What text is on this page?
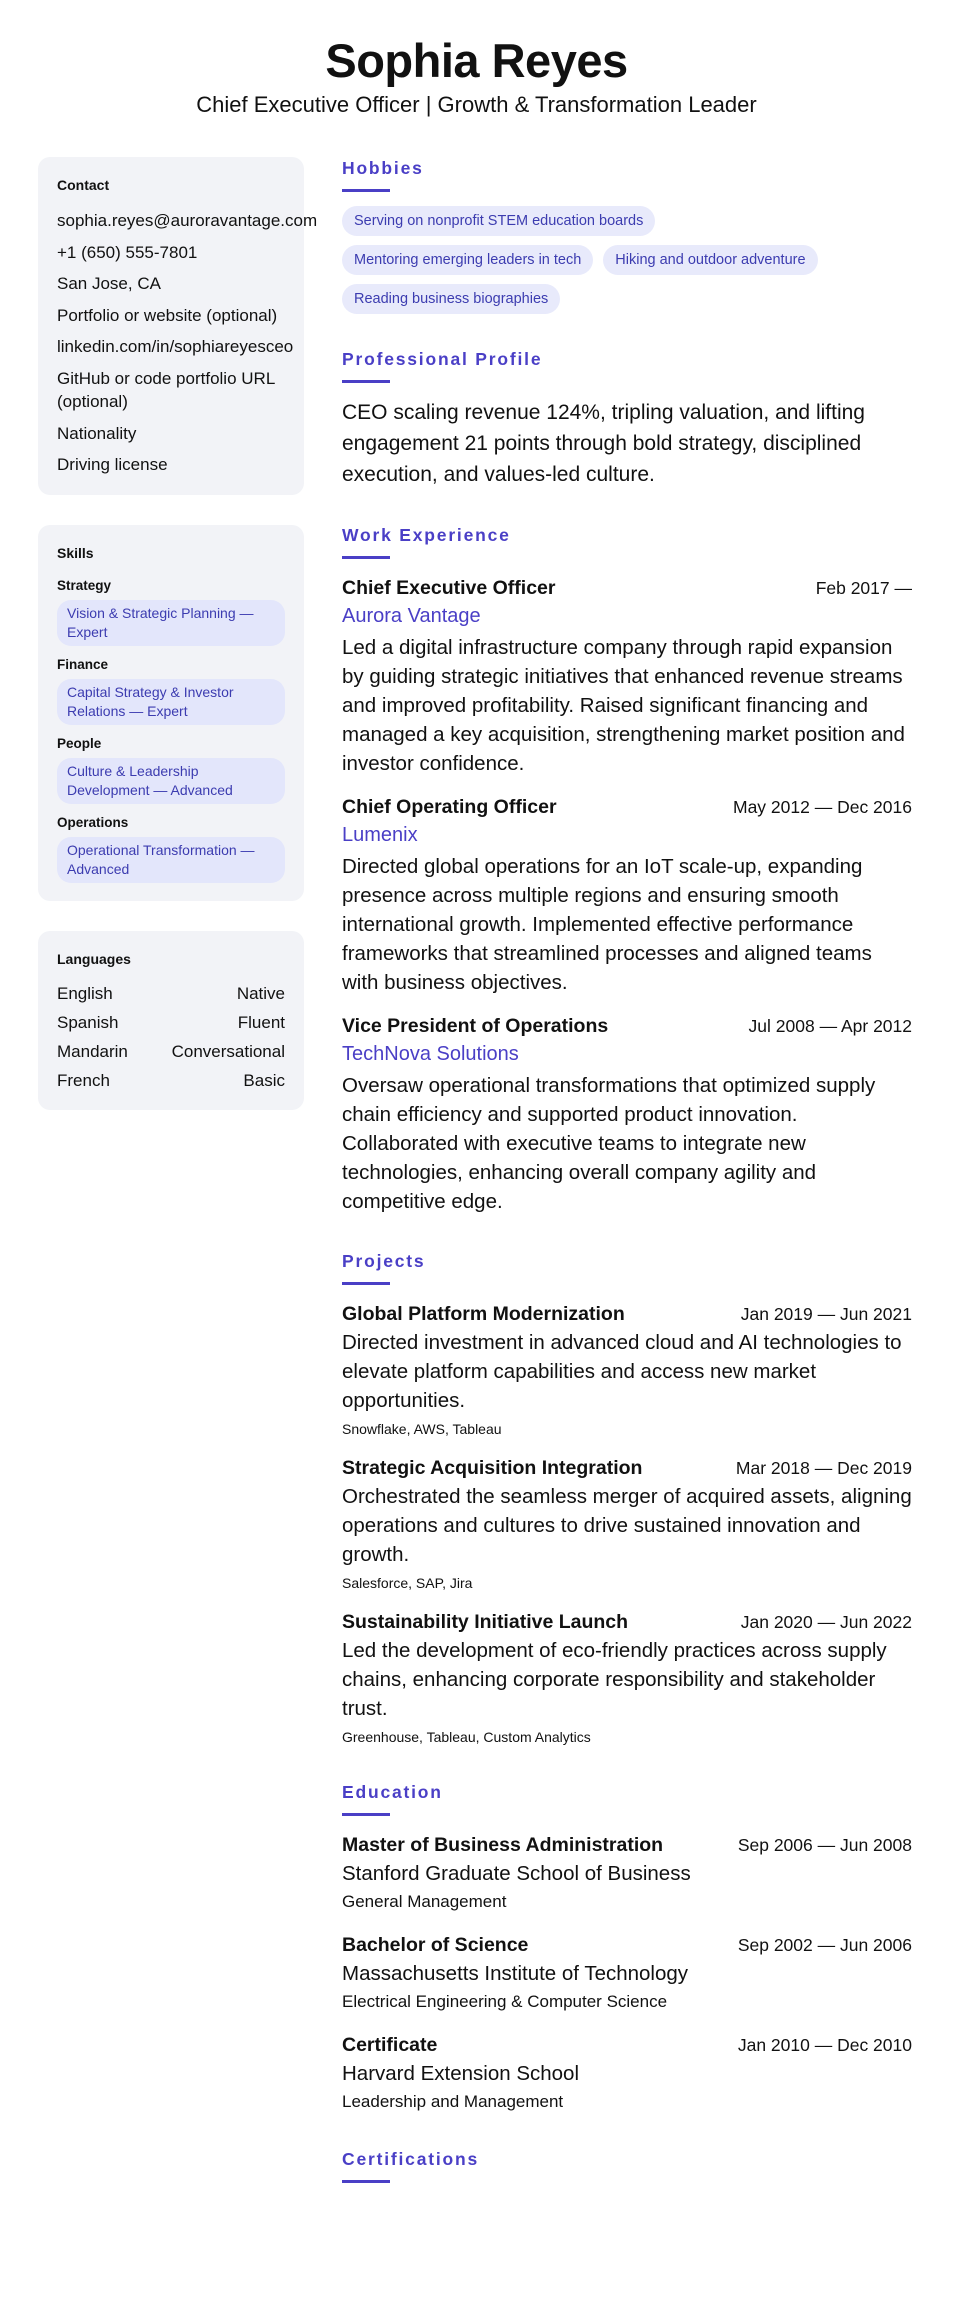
Sophia Reyes
Chief Executive Officer | Growth & Transformation Leader
Contact
sophia.reyes@auroravantage.com
+1 (650) 555-7801
San Jose, CA
Portfolio or website (optional)
linkedin.com/in/sophiareyesceo
GitHub or code portfolio URL (optional)
Nationality
Driving license
Skills
Strategy
Vision & Strategic Planning — Expert
Finance
Capital Strategy & Investor Relations — Expert
People
Culture & Leadership Development — Advanced
Operations
Operational Transformation — Advanced
Languages
English	Native
Spanish	Fluent
Mandarin	Conversational
French	Basic
Hobbies
Serving on nonprofit STEM education boards
Mentoring emerging leaders in tech	Hiking and outdoor adventure
Reading business biographies
Professional Profile

CEO scaling revenue 124%, tripling valuation, and lifting engagement 21 points through bold strategy, disciplined execution, and values-led culture.

Work Experience
Chief Executive Officer	Feb 2017 —
Aurora Vantage

Led a digital infrastructure company through rapid expansion by guiding strategic initiatives that enhanced revenue streams and improved profitability. Raised significant financing and managed a key acquisition, strengthening market position and investor confidence.

Chief Operating Officer	May 2012 — Dec 2016
Lumenix

Directed global operations for an IoT scale-up, expanding presence across multiple regions and ensuring smooth international growth. Implemented effective performance frameworks that streamlined processes and aligned teams with business objectives.

Vice President of Operations	Jul 2008 — Apr 2012
TechNova Solutions

Oversaw operational transformations that optimized supply chain efficiency and supported product innovation. Collaborated with executive teams to integrate new technologies, enhancing overall company agility and competitive edge.

Projects
Global Platform Modernization	Jan 2019 — Jun 2021

Directed investment in advanced cloud and AI technologies to elevate platform capabilities and access new market opportunities.

Snowflake, AWS, Tableau
Strategic Acquisition Integration	Mar 2018 — Dec 2019

Orchestrated the seamless merger of acquired assets, aligning operations and cultures to drive sustained innovation and growth.

Salesforce, SAP, Jira
Sustainability Initiative Launch	Jan 2020 — Jun 2022

Led the development of eco-friendly practices across supply chains, enhancing corporate responsibility and stakeholder trust.

Greenhouse, Tableau, Custom Analytics
Education
Master of Business Administration	Sep 2006 — Jun 2008
Stanford Graduate School of Business
General Management
Bachelor of Science	Sep 2002 — Jun 2006
Massachusetts Institute of Technology
Electrical Engineering & Computer Science
Certificate	Jan 2010 — Dec 2010
Harvard Extension School
Leadership and Management
Certifications
